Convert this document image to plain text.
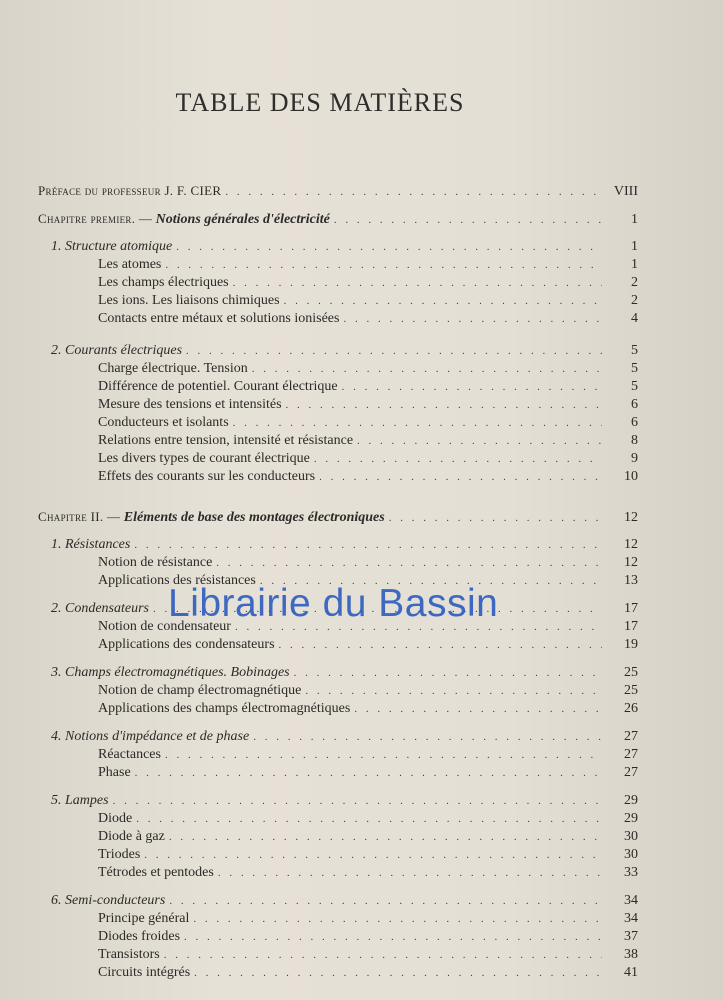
TABLE DES MATIÈRES
Préface du professeur J. F. CIER . . .	VIII
Chapitre premier. — Notions générales d'électricité . . .	1
1. Structure atomique . . .	1
Les atomes . . .	1
Les champs électriques . . .	2
Les ions. Les liaisons chimiques . . .	2
Contacts entre métaux et solutions ionisées . . .	4
2. Courants électriques . . .	5
Charge électrique. Tension . . .	5
Différence de potentiel. Courant électrique . . .	5
Mesure des tensions et intensités . . .	6
Conducteurs et isolants . . .	6
Relations entre tension, intensité et résistance . . .	8
Les divers types de courant électrique . . .	9
Effets des courants sur les conducteurs . . .	10
Chapitre II. — Eléments de base des montages électroniques . . .	12
1. Résistances . . .	12
Notion de résistance . . .	12
Applications des résistances . . .	13
2. Condensateurs . . .	17
Notion de condensateur . . .	17
Applications des condensateurs . . .	19
3. Champs électromagnétiques. Bobinages . . .	25
Notion de champ électromagnétique . . .	25
Applications des champs électromagnétiques . . .	26
4. Notions d'impédance et de phase . . .	27
Réactances . . .	27
Phase . . .	27
5. Lampes . . .	29
Diode . . .	29
Diode à gaz . . .	30
Triodes . . .	30
Tétrodes et pentodes . . .	33
6. Semi-conducteurs . . .	34
Principe général . . .	34
Diodes froides . . .	37
Transistors . . .	38
Circuits intégrés . . .	41
Librairie du Bassin
